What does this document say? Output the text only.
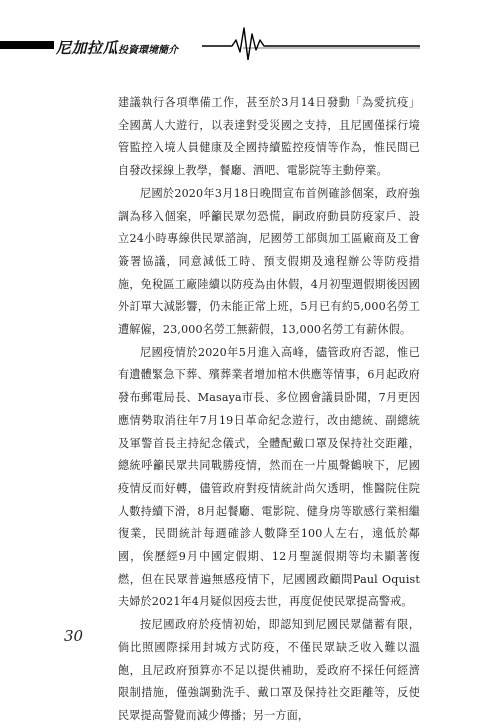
尼加拉瓜投資環境簡介

建議執行各項準備工作，甚至於3月14日發動「為愛抗疫」全國萬人大遊行，以表達對受災國之支持，且尼國僅採行境管監控入境人員健康及全國持續監控疫情等作為，惟民間已自發改採線上教學，餐廳、酒吧、電影院等主動停業。

尼國於2020年3月18日晚間宣布首例確診個案，政府強調為移入個案，呼籲民眾勿恐慌，嗣政府動員防疫家戶、設立24小時專線供民眾諮詢，尼國勞工部與加工區廠商及工會簽署協議，同意減低工時、預支假期及遠程辦公等防疫措施，免稅區工廠陸續以防疫為由休假，4月初聖週假期後因國外訂單大減影響，仍未能正常上班，5月已有約5,000名勞工遭解僱，23,000名勞工無薪假，13,000名勞工有薪休假。

尼國疫情於2020年5月進入高峰，儘管政府否認，惟已有遺體緊急下葬、殯葬業者增加棺木供應等情事，6月起政府發布郵電局長、Masaya市長、多位國會議員卧聞，7月更因應情勢取消往年7月19日革命紀念遊行，改由總統、副總統及軍警首長主持紀念儀式，全體配戴口罩及保持社交距離，總統呼籲民眾共同戰勝疫情，然而在一片風聲鶴唳下，尼國疫情反而好轉，儘管政府對疫情統計尚欠透明，惟醫院住院人數持續下滑，8月起餐廳、電影院、健身房等歇感行業相繼復業，民間統計每週確診人數降至100人左右，遠低於鄰國，俟歷經9月中國定假期、12月聖誕假期等均未顯著復燃，但在民眾普遍無感疫情下，尼國國政顧問Paul Oquist夫婦於2021年4月疑似因疫去世，再度促使民眾提高警戒。

按尼國政府於疫情初始，即認知到尼國民眾儲蓄有限，倘比照國際採用封城方式防疫，不僅民眾缺乏收入難以溫飽，且尼政府預算亦不足以提供補助，爰政府不採任何經濟限制措施，僅強調勤洗手、戴口罩及保持社交距離等，反使民眾提高警覺而減少傳播；另一方面，

30
